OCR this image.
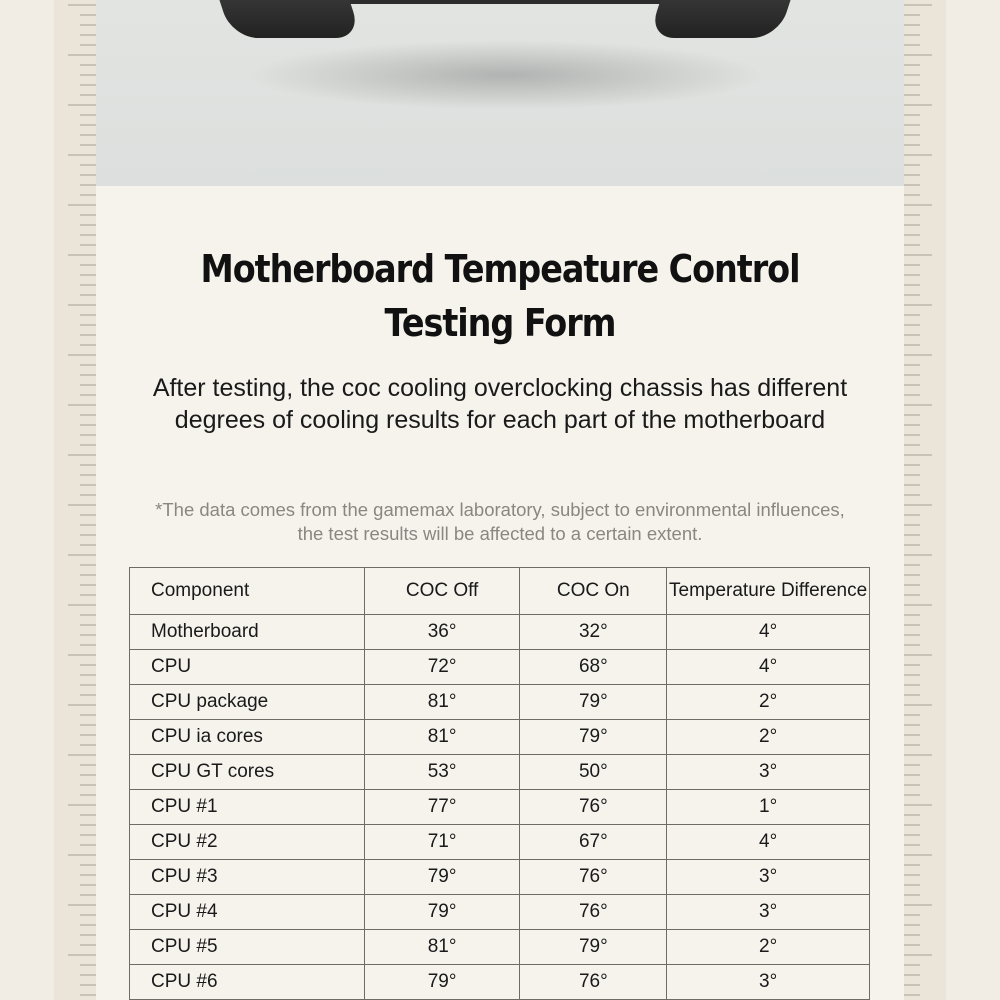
Motherboard Tempeature Control
Testing Form

After testing, the coc cooling overclocking chassis has different degrees of cooling results for each part of the motherboard

*The data comes from the gamemax laboratory, subject to environmental influences, the test results will be affected to a certain extent.

Component	COC Off	COC On	Temperature Difference
Motherboard	36°	32°	4°
CPU	72°	68°	4°
CPU package	81°	79°	2°
CPU ia cores	81°	79°	2°
CPU GT cores	53°	50°	3°
CPU #1	77°	76°	1°
CPU #2	71°	67°	4°
CPU #3	79°	76°	3°
CPU #4	79°	76°	3°
CPU #5	81°	79°	2°
CPU #6	79°	76°	3°
